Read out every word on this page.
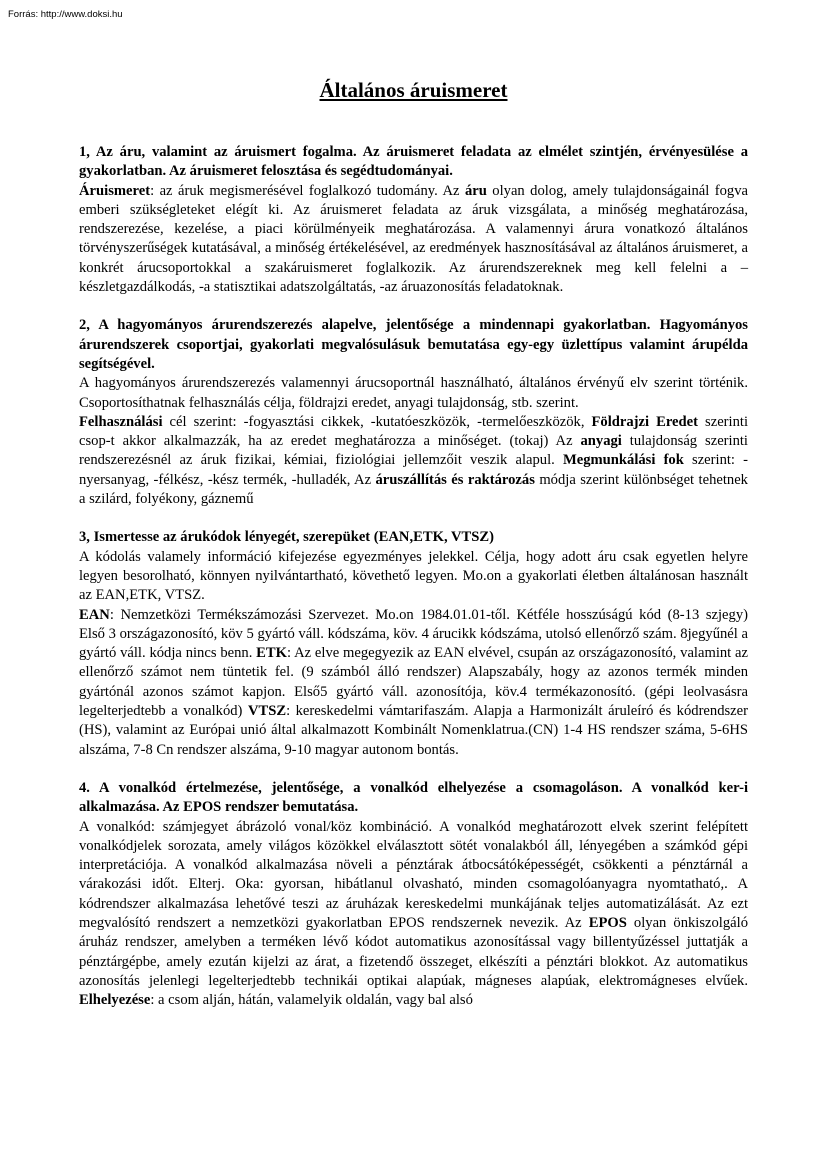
Forrás: http://www.doksi.hu
Általános áruismeret

1, Az áru, valamint az áruismert fogalma. Az áruismeret feladata az elmélet szintjén, érvényesülése a gyakorlatban. Az áruismeret felosztása és segédtudományai.

Áruismeret: az áruk megismerésével foglalkozó tudomány. Az áru olyan dolog, amely tulajdonságainál fogva emberi szükségleteket elégít ki. Az áruismeret feladata az áruk vizsgálata, a minőség meghatározása, rendszerezése, kezelése, a piaci körülményeik meghatározása. A valamennyi árura vonatkozó általános törvényszerűségek kutatásával, a minőség értékelésével, az eredmények hasznosításával az általános áruismeret, a konkrét árucsoportokkal a szakáruismeret foglalkozik. Az árurendszereknek meg kell felelni a –készletgazdálkodás, -a statisztikai adatszolgáltatás, -az áruazonosítás feladatoknak.

2, A hagyományos árurendszerezés alapelve, jelentősége a mindennapi gyakorlatban. Hagyományos árurendszerek csoportjai, gyakorlati megvalósulásuk bemutatása egy-egy üzlettípus valamint árupélda segítségével.

A hagyományos árurendszerezés valamennyi árucsoportnál használható, általános érvényű elv szerint történik. Csoportosíthatnak felhasználás célja, földrajzi eredet, anyagi tulajdonság, stb. szerint.

Felhasználási cél szerint: -fogyasztási cikkek, -kutatóeszközök, -termelőeszközök, Földrajzi Eredet szerinti csop-t akkor alkalmazzák, ha az eredet meghatározza a minőséget. (tokaj) Az anyagi tulajdonság szerinti rendszerezésnél az áruk fizikai, kémiai, fiziológiai jellemzőit veszik alapul. Megmunkálási fok szerint: -nyersanyag, -félkész, -kész termék, -hulladék, Az áruszállítás és raktározás módja szerint különbséget tehetnek a szilárd, folyékony, gáznemű

3, Ismertesse az árukódok lényegét, szerepüket (EAN,ETK, VTSZ)

A kódolás valamely információ kifejezése egyezményes jelekkel. Célja, hogy adott áru csak egyetlen helyre legyen besorolható, könnyen nyilvántartható, követhető legyen. Mo.on a gyakorlati életben általánosan használt az EAN,ETK, VTSZ.

EAN: Nemzetközi Termékszámozási Szervezet. Mo.on 1984.01.01-től. Kétféle hosszúságú kód (8-13 szjegy) Első 3 országazonosító, köv 5 gyártó váll. kódszáma, köv. 4 árucikk kódszáma, utolsó ellenőrző szám. 8jegyűnél a gyártó váll. kódja nincs benn. ETK: Az elve megegyezik az EAN elvével, csupán az országazonosító, valamint az ellenőrző számot nem tüntetik fel. (9 számból álló rendszer) Alapszabály, hogy az azonos termék minden gyártónál azonos számot kapjon. Első5 gyártó váll. azonosítója, köv.4 termékazonosító. (gépi leolvasásra legelterjedtebb a vonalkód) VTSZ: kereskedelmi vámtarifaszám. Alapja a Harmonizált áruleíró és kódrendszer (HS), valamint az Európai unió által alkalmazott Kombinált Nomenklatrua.(CN) 1-4 HS rendszer száma, 5-6HS alszáma, 7-8 Cn rendszer alszáma, 9-10 magyar autonom bontás.

4. A vonalkód értelmezése, jelentősége, a vonalkód elhelyezése a csomagoláson. A vonalkód ker-i alkalmazása. Az EPOS rendszer bemutatása.

A vonalkód: számjegyet ábrázoló vonal/köz kombináció. A vonalkód meghatározott elvek szerint felépített vonalkódjelek sorozata, amely világos közökkel elválasztott sötét vonalakból áll, lényegében a számkód gépi interpretációja. A vonalkód alkalmazása növeli a pénztárak átbocsátóképességét, csökkenti a pénztárnál a várakozási időt. Elterj. Oka: gyorsan, hibátlanul olvasható, minden csomagolóanyagra nyomtatható,. A kódrendszer alkalmazása lehetővé teszi az áruházak kereskedelmi munkájának teljes automatizálását. Az ezt megvalósító rendszert a nemzetközi gyakorlatban EPOS rendszernek nevezik. Az EPOS olyan önkiszolgáló áruház rendszer, amelyben a terméken lévő kódot automatikus azonosítással vagy billentyűzéssel juttatják a pénztárgépbe, amely ezután kijelzi az árat, a fizetendő összeget, elkészíti a pénztári blokkot. Az automatikus azonosítás jelenlegi legelterjedtebb technikái optikai alapúak, mágneses alapúak, elektromágneses elvűek. Elhelyezése: a csom alján, hátán, valamelyik oldalán, vagy bal alsó
